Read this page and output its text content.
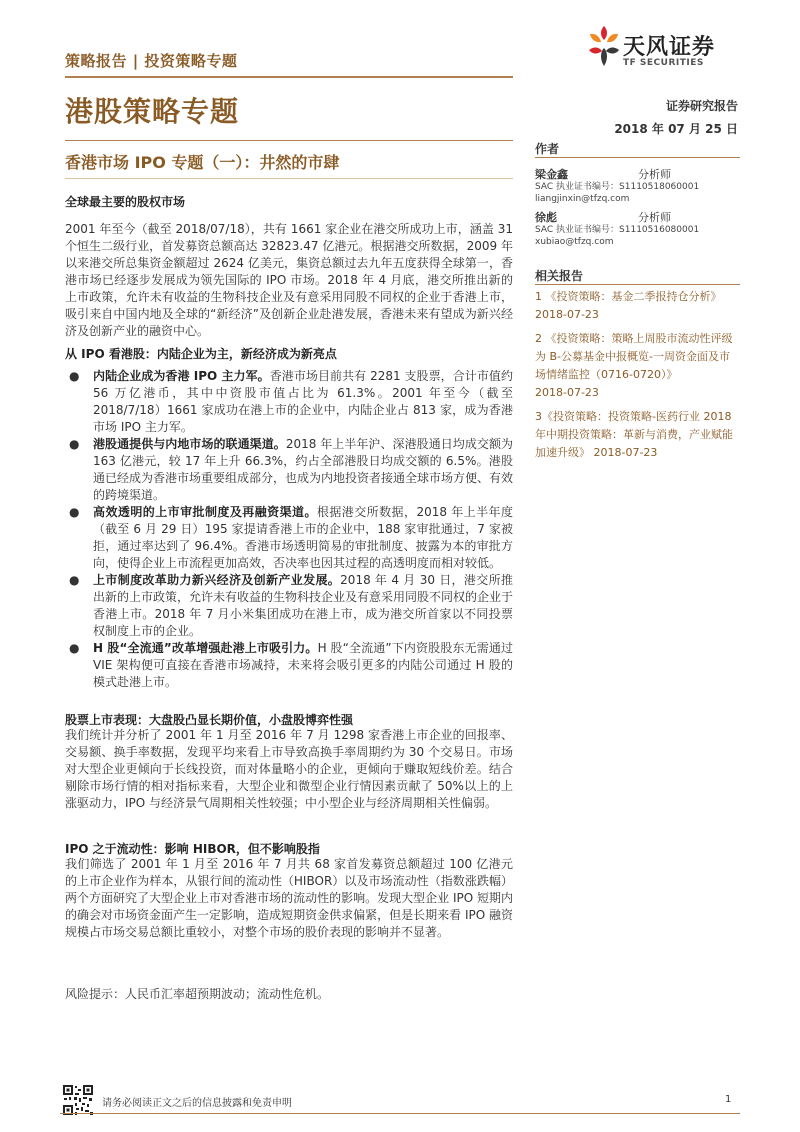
策略报告 | 投资策略专题
天风证券
TF SECURITIES
港股策略专题	证券研究报告
2018 年 07 月 25 日
香港市场 IPO 专题（一）：井然的市肆
全球最主要的股权市场
2001 年至今（截至 2018/07/18），共有 1661 家企业在港交所成功上市，涵盖 31 个恒生二级行业，首发募资总额高达 32823.47 亿港元。根据港交所数据，2009 年以来港交所总集资金额超过 2624 亿美元，集资总额过去九年五度获得全球第一，香港市场已经逐步发展成为领先国际的 IPO 市场。2018 年 4 月底，港交所推出新的上市政策，允许未有收益的生物科技企业及有意采用同股不同权的企业于香港上市，吸引来自中国内地及全球的“新经济”及创新企业赴港发展，香港未来有望成为新兴经济及创新产业的融资中心。
从 IPO 看港股：内陆企业为主，新经济成为新亮点
● 内陆企业成为香港 IPO 主力军。香港市场目前共有 2281 支股票，合计市值约 56 万亿港币，其中中资股市值占比为 61.3%。2001 年至今（截至 2018/7/18）1661 家成功在港上市的企业中，内陆企业占 813 家，成为香港市场 IPO 主力军。
● 港股通提供与内地市场的联通渠道。2018 年上半年沪、深港股通日均成交额为 163 亿港元，较 17 年上升 66.3%，约占全部港股日均成交额的 6.5%。港股通已经成为香港市场重要组成部分，也成为内地投资者接通全球市场方便、有效的跨境渠道。
● 高效透明的上市审批制度及再融资渠道。根据港交所数据，2018 年上半年度（截至 6 月 29 日）195 家提请香港上市的企业中，188 家审批通过，7 家被拒，通过率达到了 96.4%。香港市场透明简易的审批制度、披露为本的审批方向，使得企业上市流程更加高效，否决率也因其过程的高透明度而相对较低。
● 上市制度改革助力新兴经济及创新产业发展。2018 年 4 月 30 日，港交所推出新的上市政策，允许未有收益的生物科技企业及有意采用同股不同权的企业于香港上市。2018 年 7 月小米集团成功在港上市，成为港交所首家以不同投票权制度上市的企业。
● H 股“全流通”改革增强赴港上市吸引力。H 股“全流通”下内资股股东无需通过 VIE 架构便可直接在香港市场减持，未来将会吸引更多的内陆公司通过 H 股的模式赴港上市。
股票上市表现：大盘股凸显长期价值，小盘股博弈性强
我们统计并分析了 2001 年 1 月至 2016 年 7 月 1298 家香港上市企业的回报率、交易额、换手率数据，发现平均来看上市导致高换手率周期约为 30 个交易日。市场对大型企业更倾向于长线投资，而对体量略小的企业，更倾向于赚取短线价差。结合剔除市场行情的相对指标来看，大型企业和微型企业行情因素贡献了 50%以上的上涨驱动力，IPO 与经济景气周期相关性较强；中小型企业与经济周期相关性偏弱。
IPO 之于流动性：影响 HIBOR，但不影响股指
我们筛选了 2001 年 1 月至 2016 年 7 月共 68 家首发募资总额超过 100 亿港元的上市企业作为样本，从银行间的流动性（HIBOR）以及市场流动性（指数涨跌幅）两个方面研究了大型企业上市对香港市场的流动性的影响。发现大型企业 IPO 短期内的确会对市场资金面产生一定影响，造成短期资金供求偏紧，但是长期来看 IPO 融资规模占市场交易总额比重较小，对整个市场的股价表现的影响并不显著。
风险提示：人民币汇率超预期波动；流动性危机。
作者
梁金鑫	分析师
SAC 执业证书编号：S1110518060001
liangjinxin@tfzq.com
徐彪	分析师
SAC 执业证书编号：S1110516080001
xubiao@tfzq.com
相关报告
1 《投资策略：基金二季报持仓分析》
2018-07-23
2 《投资策略：策略上周股市流动性评级为 B-公募基金中报概览-一周资金面及市场情绪监控（0716-0720）》
2018-07-23
3《投资策略：投资策略-医药行业 2018 年中期投资策略：革新与消费，产业赋能加速升级》 2018-07-23
请务必阅读正文之后的信息披露和免责申明	1
